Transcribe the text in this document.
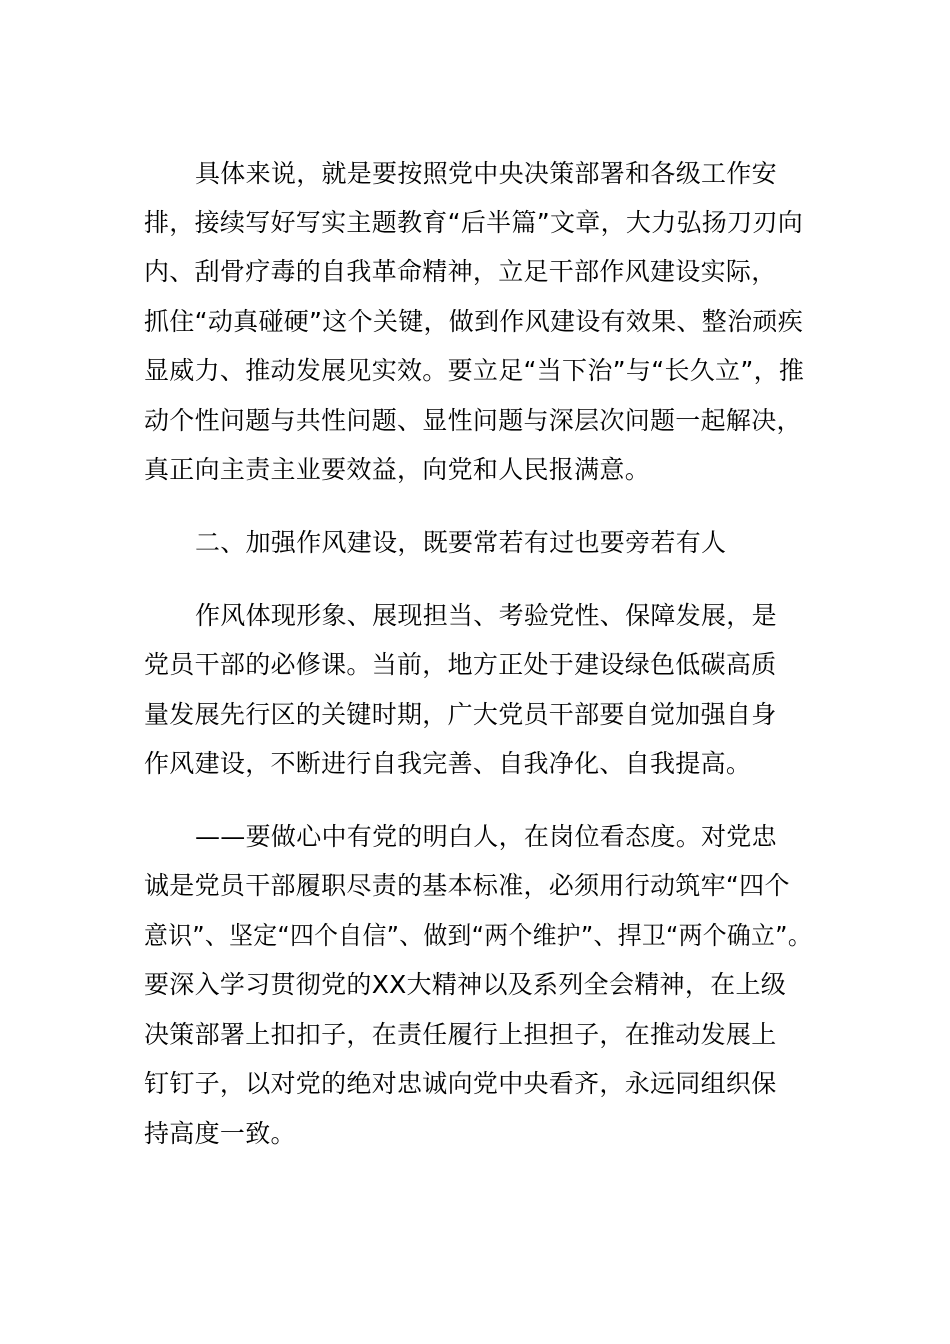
具体来说，就是要按照党中央决策部署和各级工作安
排，接续写好写实主题教育“后半篇”文章，大力弘扬刀刃向
内、刮骨疗毒的自我革命精神，立足干部作风建设实际，
抓住“动真碰硬”这个关键，做到作风建设有效果、整治顽疾
显威力、推动发展见实效。要立足“当下治”与“长久立”，推
动个性问题与共性问题、显性问题与深层次问题一起解决，
真正向主责主业要效益，向党和人民报满意。
二、加强作风建设，既要常若有过也要旁若有人
作风体现形象、展现担当、考验党性、保障发展，是
党员干部的必修课。当前，地方正处于建设绿色低碳高质
量发展先行区的关键时期，广大党员干部要自觉加强自身
作风建设，不断进行自我完善、自我净化、自我提高。
——要做心中有党的明白人，在岗位看态度。对党忠
诚是党员干部履职尽责的基本标准，必须用行动筑牢“四个
意识”、坚定“四个自信”、做到“两个维护”、捍卫“两个确立”。
要深入学习贯彻党的XX大精神以及系列全会精神，在上级
决策部署上扣扣子，在责任履行上担担子，在推动发展上
钉钉子，以对党的绝对忠诚向党中央看齐，永远同组织保
持高度一致。
